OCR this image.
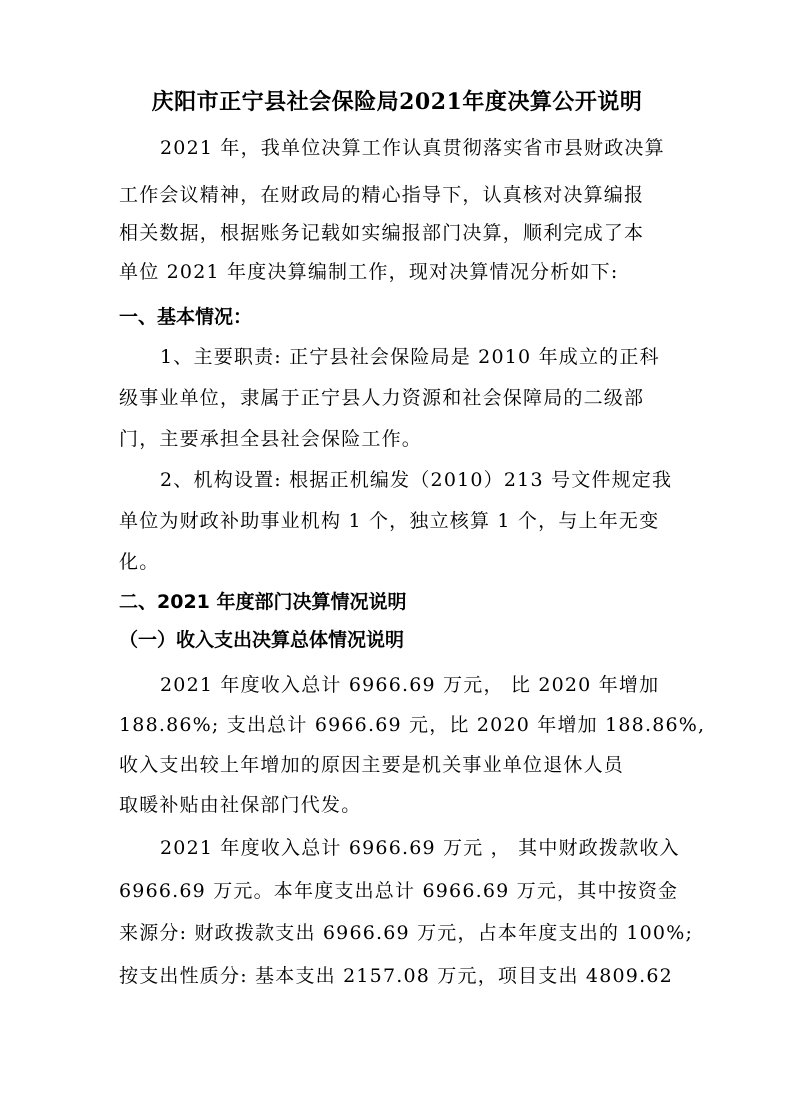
庆阳市正宁县社会保险局2021年度决算公开说明
2021 年，我单位决算工作认真贯彻落实省市县财政决算
工作会议精神，在财政局的精心指导下，认真核对决算编报
相关数据，根据账务记载如实编报部门决算，顺利完成了本
单位 2021 年度决算编制工作，现对决算情况分析如下:
一、基本情况：
1、主要职责: 正宁县社会保险局是 2010 年成立的正科
级事业单位，隶属于正宁县人力资源和社会保障局的二级部
门，主要承担全县社会保险工作。
2、机构设置: 根据正机编发（2010）213 号文件规定我
单位为财政补助事业机构 1 个，独立核算 1 个，与上年无变
化。
二、2021 年度部门决算情况说明
（一）收入支出决算总体情况说明
2021 年度收入总计 6966.69 万元， 比 2020 年增加
188.86%; 支出总计 6966.69 元，比 2020 年增加 188.86%,
收入支出较上年增加的原因主要是机关事业单位退休人员
取暖补贴由社保部门代发。
2021 年度收入总计 6966.69 万元 ， 其中财政拨款收入
6966.69 万元。本年度支出总计 6966.69 万元，其中按资金
来源分: 财政拨款支出 6966.69 万元，占本年度支出的 100%;
按支出性质分: 基本支出 2157.08 万元，项目支出 4809.62
